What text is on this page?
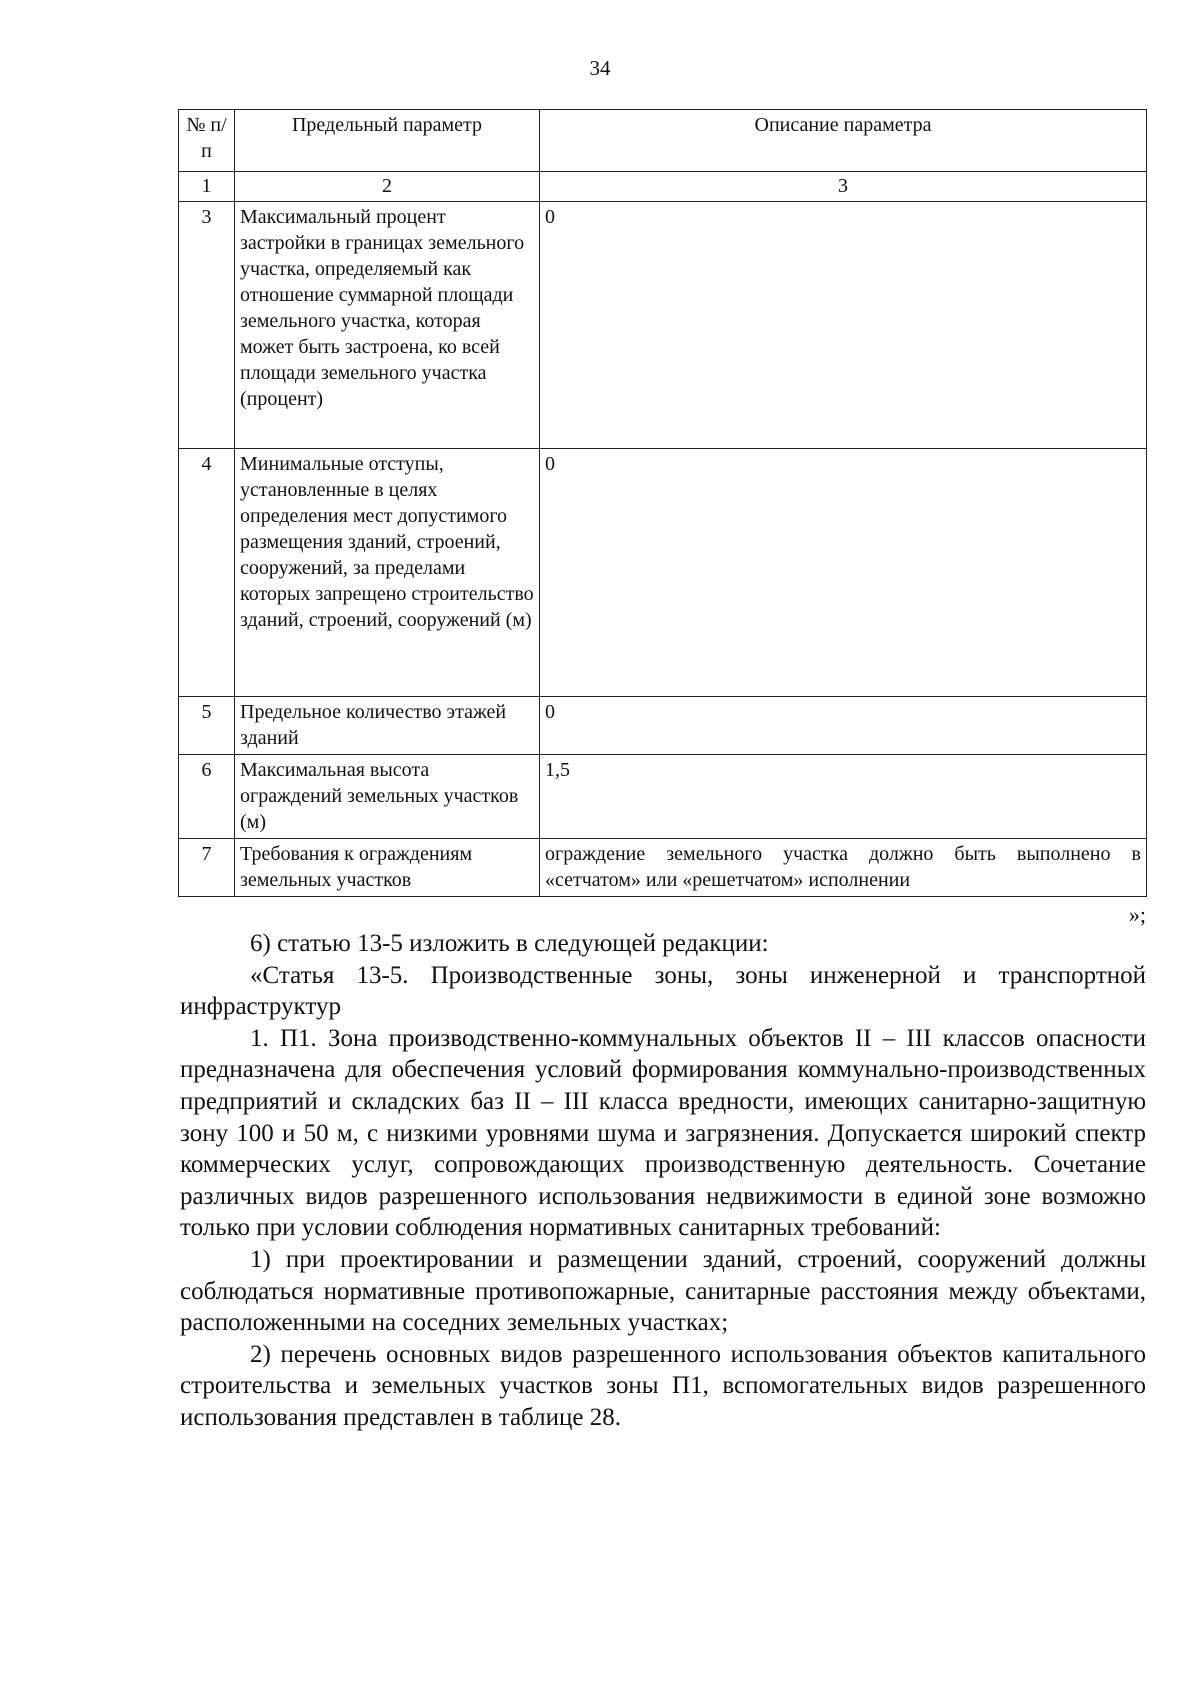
34
№ п/п	Предельный параметр	Описание параметра
1	2	3
3	Максимальный процент застройки в границах земельного участка, определяемый как отношение суммарной площади земельного участка, которая может быть застроена, ко всей площади земельного участка (процент)	0
4	Минимальные отступы, установленные в целях определения мест допустимого размещения зданий, строений, сооружений, за пределами которых запрещено строительство зданий, строений, сооружений (м)	0
5	Предельное количество этажей зданий	0
6	Максимальная высота ограждений земельных участков (м)	1,5
7	Требования к ограждениям земельных участков	ограждение земельного участка должно быть выполнено в «сетчатом» или «решетчатом» исполнении
»;

6) статью 13-5 изложить в следующей редакции:

«Статья 13-5. Производственные зоны, зоны инженерной и транспортной инфраструктур

1. П1. Зона производственно-коммунальных объектов II – III классов опасности предназначена для обеспечения условий формирования коммунально-производственных предприятий и складских баз II – III класса вредности, имеющих санитарно-защитную зону 100 и 50 м, с низкими уровнями шума и загрязнения. Допускается широкий спектр коммерческих услуг, сопровождающих производственную деятельность. Сочетание различных видов разрешенного использования недвижимости в единой зоне возможно только при условии соблюдения нормативных санитарных требований:

1) при проектировании и размещении зданий, строений, сооружений должны соблюдаться нормативные противопожарные, санитарные расстояния между объектами, расположенными на соседних земельных участках;

2) перечень основных видов разрешенного использования объектов капитального строительства и земельных участков зоны П1, вспомогательных видов разрешенного использования представлен в таблице 28.
